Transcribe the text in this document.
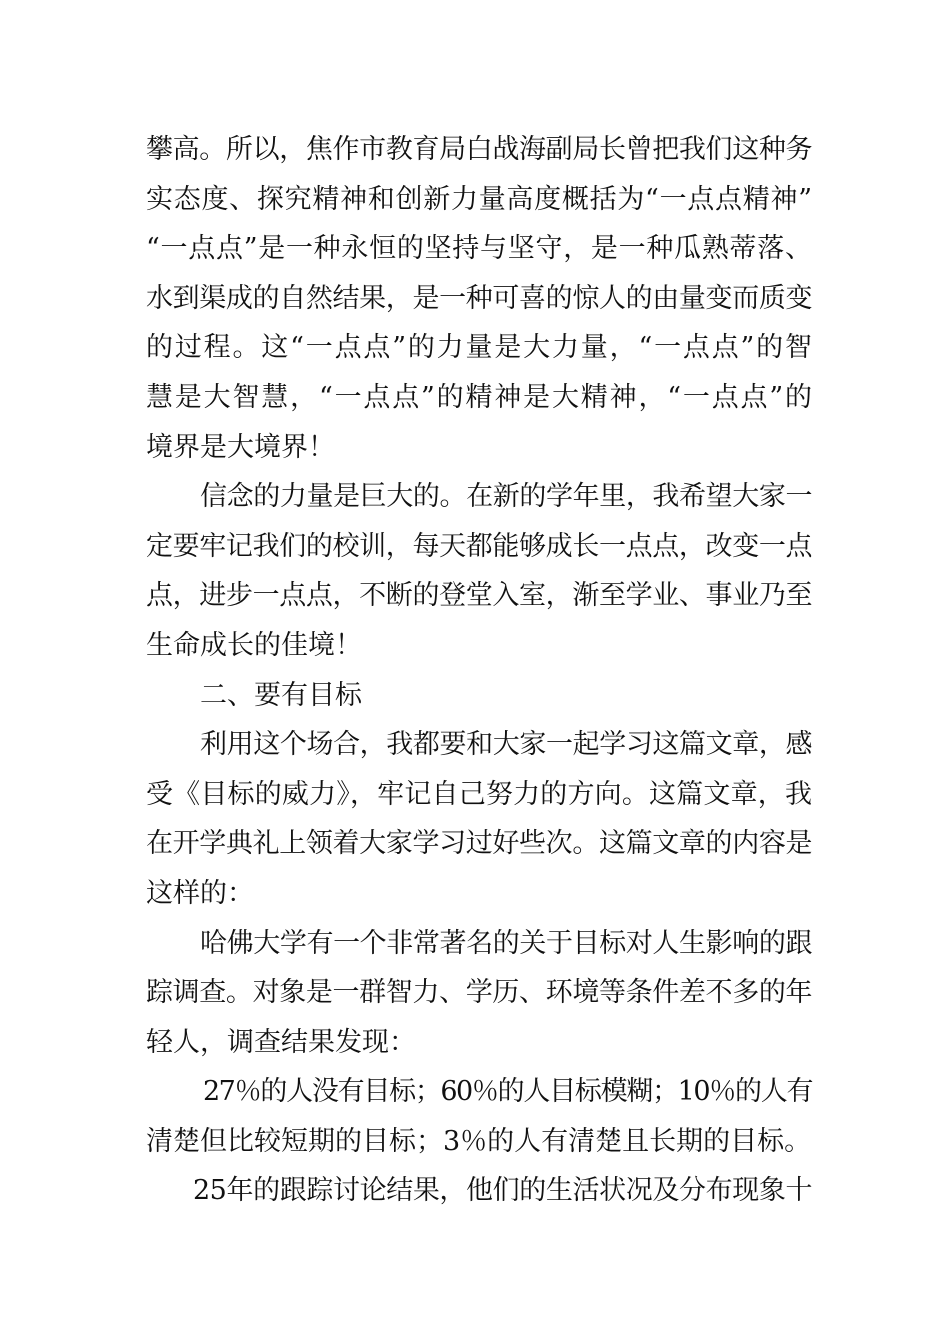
攀高。所以，焦作市教育局白战海副局长曾把我们这种务
实态度、探究精神和创新力量高度概括为“一点点精神”
“一点点”是一种永恒的坚持与坚守，是一种瓜熟蒂落、
水到渠成的自然结果，是一种可喜的惊人的由量变而质变
的过程。这“一点点”的力量是大力量，“一点点”的智
慧是大智慧，“一点点”的精神是大精神，“一点点”的
境界是大境界！
信念的力量是巨大的。在新的学年里，我希望大家一
定要牢记我们的校训，每天都能够成长一点点，改变一点
点，进步一点点，不断的登堂入室，渐至学业、事业乃至
生命成长的佳境！
二、要有目标
利用这个场合，我都要和大家一起学习这篇文章，感
受《目标的威力》，牢记自己努力的方向。这篇文章，我
在开学典礼上领着大家学习过好些次。这篇文章的内容是
这样的：
哈佛大学有一个非常著名的关于目标对人生影响的跟
踪调查。对象是一群智力、学历、环境等条件差不多的年
轻人，调查结果发现：
27％的人没有目标；60％的人目标模糊；10％的人有
清楚但比较短期的目标；3％的人有清楚且长期的目标。
25年的跟踪讨论结果，他们的生活状况及分布现象十
